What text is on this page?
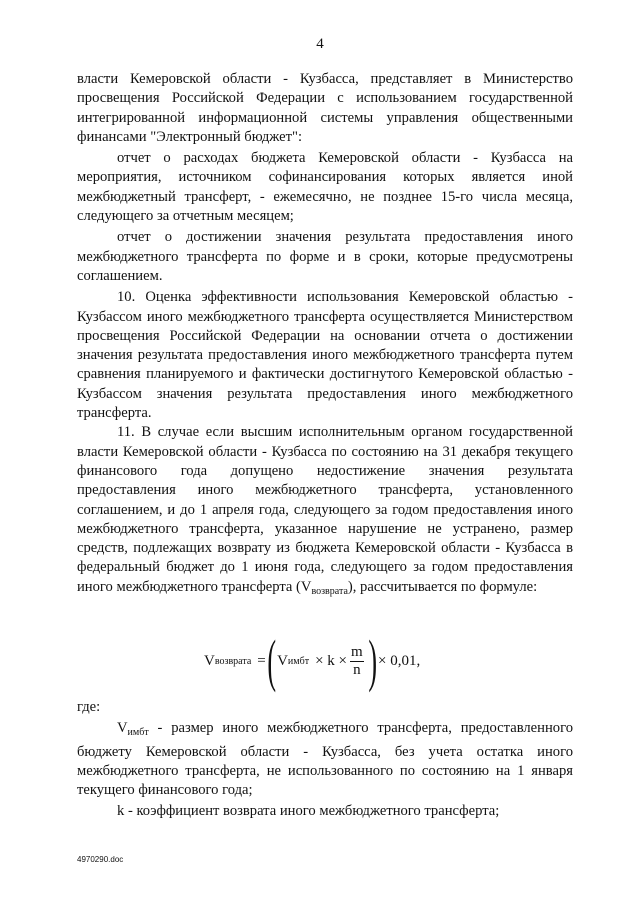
4

власти Кемеровской области - Кузбасса, представляет в Министерство просвещения Российской Федерации с использованием государственной интегрированной информационной системы управления общественными финансами "Электронный бюджет":

отчет о расходах бюджета Кемеровской области - Кузбасса на мероприятия, источником софинансирования которых является иной межбюджетный трансферт, - ежемесячно, не позднее 15-го числа месяца, следующего за отчетным месяцем;

отчет о достижении значения результата предоставления иного межбюджетного трансферта по форме и в сроки, которые предусмотрены соглашением.

10. Оценка эффективности использования Кемеровской областью - Кузбассом иного межбюджетного трансферта осуществляется Министерством просвещения Российской Федерации на основании отчета о достижении значения результата предоставления иного межбюджетного трансферта путем сравнения планируемого и фактически достигнутого Кемеровской областью - Кузбассом значения результата предоставления иного межбюджетного трансферта.

11. В случае если высшим исполнительным органом государственной власти Кемеровской области - Кузбасса по состоянию на 31 декабря текущего финансового года допущено недостижение значения результата предоставления иного межбюджетного трансферта, установленного соглашением, и до 1 апреля года, следующего за годом предоставления иного межбюджетного трансферта, указанное нарушение не устранено, размер средств, подлежащих возврату из бюджета Кемеровской области - Кузбасса в федеральный бюджет до 1 июня года, следующего за годом предоставления иного межбюджетного трансферта $(V_{возврата})$, рассчитывается по формуле:

V возврата = ( V имбт × $k \times \frac{m}{n}$ ) × 0,01,

где:

$V_{имбт}$ - размер иного межбюджетного трансферта, предоставленного бюджету Кемеровской области - Кузбасса, без учета остатка иного межбюджетного трансферта, не использованного по состоянию на 1 января текущего финансового года;

k - коэффициент возврата иного межбюджетного трансферта;

4970290.doc
